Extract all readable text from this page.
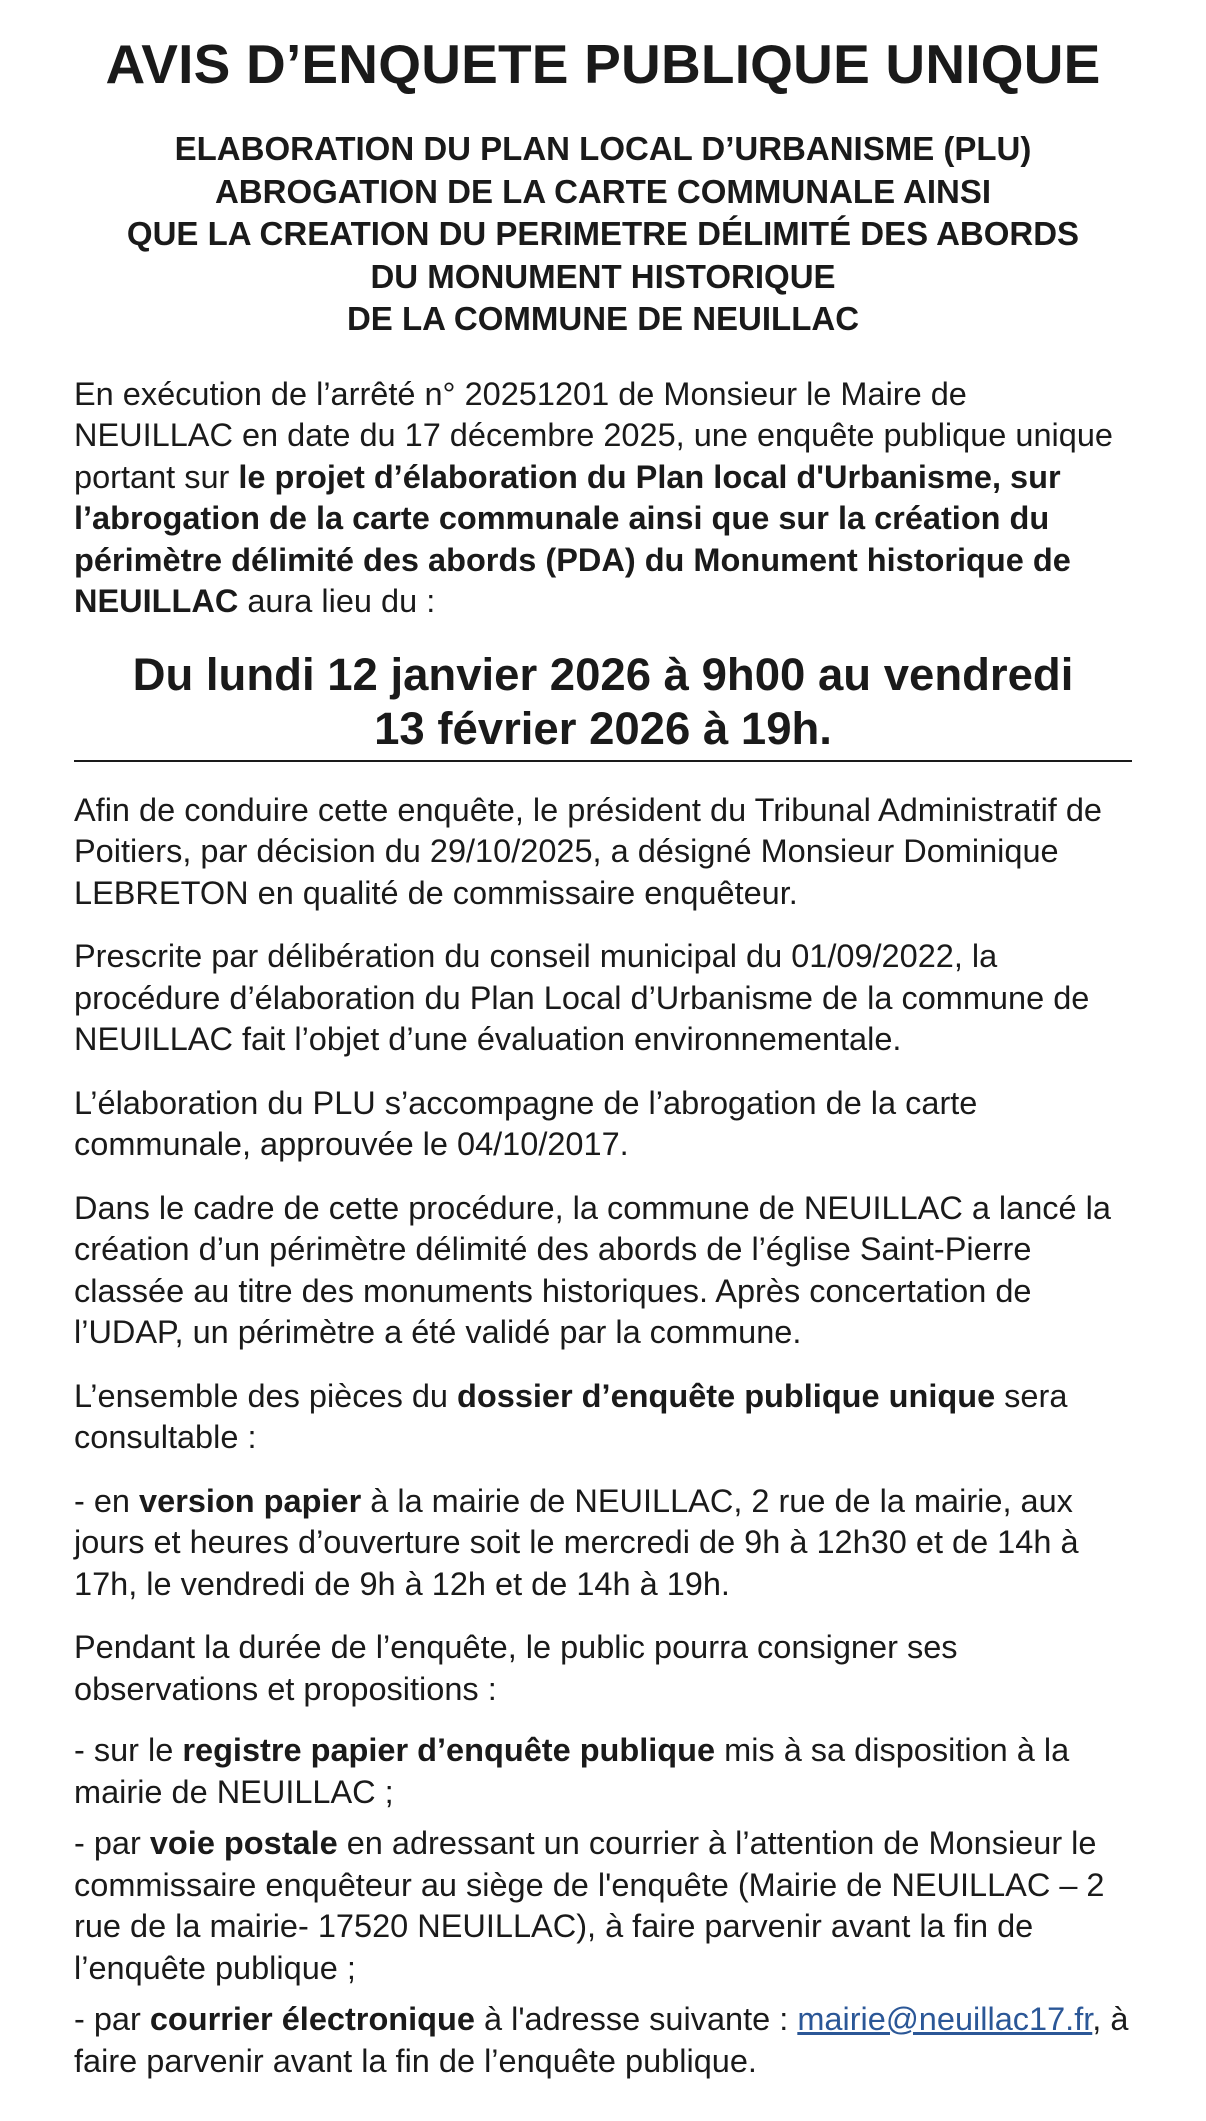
AVIS D’ENQUETE PUBLIQUE UNIQUE
ELABORATION DU PLAN LOCAL D’URBANISME (PLU)
ABROGATION DE LA CARTE COMMUNALE AINSI
QUE LA CREATION DU PERIMETRE DÉLIMITÉ DES ABORDS
DU MONUMENT HISTORIQUE
DE LA COMMUNE DE NEUILLAC

En exécution de l’arrêté n° 20251201 de Monsieur le Maire de NEUILLAC en date du 17 décembre 2025, une enquête publique unique portant sur le projet d’élaboration du Plan local d'Urbanisme, sur l’abrogation de la carte communale ainsi que sur la création du périmètre délimité des abords (PDA) du Monument historique de NEUILLAC aura lieu du :

Du lundi 12 janvier 2026 à 9h00 au vendredi
13 février 2026 à 19h.

Afin de conduire cette enquête, le président du Tribunal Administratif de Poitiers, par décision du 29/10/2025, a désigné Monsieur Dominique LEBRETON en qualité de commissaire enquêteur.

Prescrite par délibération du conseil municipal du 01/09/2022, la procédure d’élaboration du Plan Local d’Urbanisme de la commune de NEUILLAC fait l’objet d’une évaluation environnementale.

L’élaboration du PLU s’accompagne de l’abrogation de la carte communale, approuvée le 04/10/2017.

Dans le cadre de cette procédure, la commune de NEUILLAC a lancé la création d’un périmètre délimité des abords de l’église Saint-Pierre classée au titre des monuments historiques. Après concertation de l’UDAP, un périmètre a été validé par la commune.

L’ensemble des pièces du dossier d’enquête publique unique sera consultable :

- en version papier à la mairie de NEUILLAC, 2 rue de la mairie, aux jours et heures d’ouverture soit le mercredi de 9h à 12h30 et de 14h à 17h, le vendredi de 9h à 12h et de 14h à 19h.

Pendant la durée de l’enquête, le public pourra consigner ses observations et propositions :

- sur le registre papier d’enquête publique mis à sa disposition à la mairie de NEUILLAC ;

- par voie postale en adressant un courrier à l’attention de Monsieur le commissaire enquêteur au siège de l'enquête (Mairie de NEUILLAC – 2 rue de la mairie- 17520 NEUILLAC), à faire parvenir avant la fin de l’enquête publique ;

- par courrier électronique à l'adresse suivante : mairie@neuillac17.fr, à faire parvenir avant la fin de l’enquête publique.
